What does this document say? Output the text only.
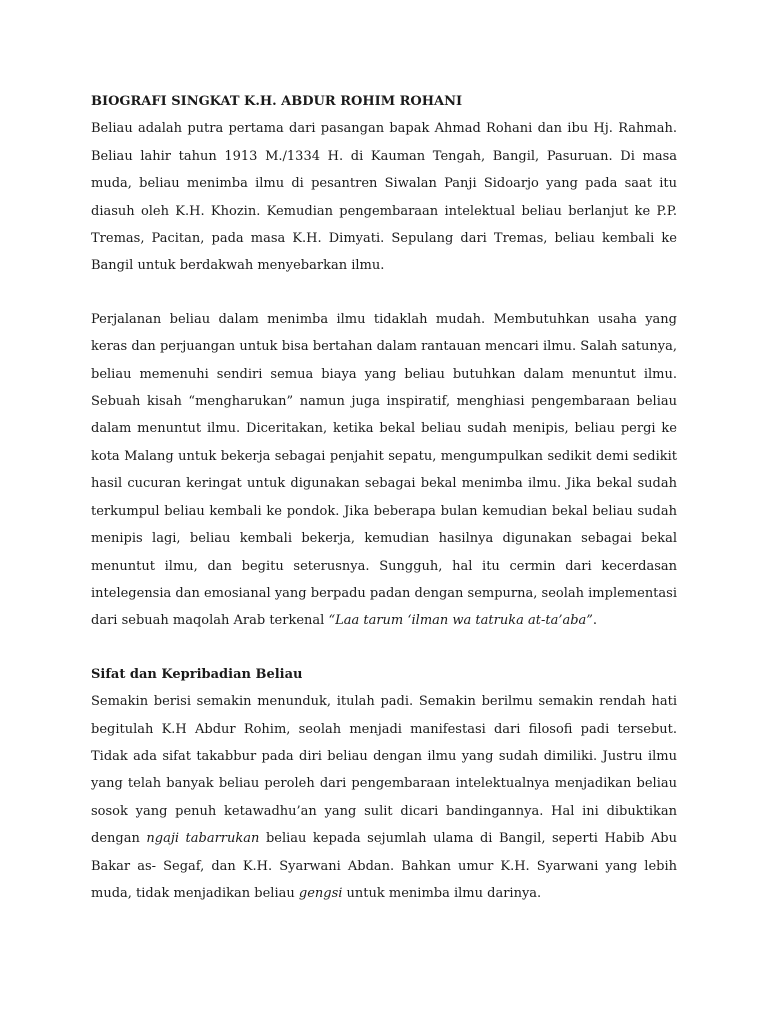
BIOGRAFI SINGKAT K.H. ABDUR ROHIM ROHANI

Beliau adalah putra pertama dari pasangan bapak Ahmad Rohani dan ibu Hj. Rahmah. Beliau lahir tahun 1913 M./1334 H. di Kauman Tengah, Bangil, Pasuruan. Di masa muda, beliau menimba ilmu di pesantren Siwalan Panji Sidoarjo yang pada saat itu diasuh oleh K.H. Khozin. Kemudian pengembaraan intelektual beliau berlanjut ke P.P. Tremas, Pacitan, pada masa K.H. Dimyati. Sepulang dari Tremas, beliau kembali ke Bangil untuk berdakwah menyebarkan ilmu.

Perjalanan beliau dalam menimba ilmu tidaklah mudah. Membutuhkan usaha yang keras dan perjuangan untuk bisa bertahan dalam rantauan mencari ilmu. Salah satunya, beliau memenuhi sendiri semua biaya yang beliau butuhkan dalam menuntut ilmu. Sebuah kisah “mengharukan” namun juga inspiratif, menghiasi pengembaraan beliau dalam menuntut ilmu. Diceritakan, ketika bekal beliau sudah menipis, beliau pergi ke kota Malang untuk bekerja sebagai penjahit sepatu, mengumpulkan sedikit demi sedikit hasil cucuran keringat untuk digunakan sebagai bekal menimba ilmu. Jika bekal sudah terkumpul beliau kembali ke pondok. Jika beberapa bulan kemudian bekal beliau sudah menipis lagi, beliau kembali bekerja, kemudian hasilnya digunakan sebagai bekal menuntut ilmu, dan begitu seterusnya. Sungguh, hal itu cermin dari kecerdasan intelegensia dan emosianal yang berpadu padan dengan sempurna, seolah implementasi dari sebuah maqolah Arab terkenal “Laa tarum ‘ilman wa tatruka at-ta’aba”.

Sifat dan Kepribadian Beliau

Semakin berisi semakin menunduk, itulah padi. Semakin berilmu semakin rendah hati begitulah K.H Abdur Rohim, seolah menjadi manifestasi dari filosofi padi tersebut. Tidak ada sifat takabbur pada diri beliau dengan ilmu yang sudah dimiliki. Justru ilmu yang telah banyak beliau peroleh dari pengembaraan intelektualnya menjadikan beliau sosok yang penuh ketawadhu’an yang sulit dicari bandingannya. Hal ini dibuktikan dengan ngaji tabarrukan beliau kepada sejumlah ulama di Bangil, seperti Habib Abu Bakar as- Segaf, dan K.H. Syarwani Abdan. Bahkan umur K.H. Syarwani yang lebih muda, tidak menjadikan beliau gengsi untuk menimba ilmu darinya.
